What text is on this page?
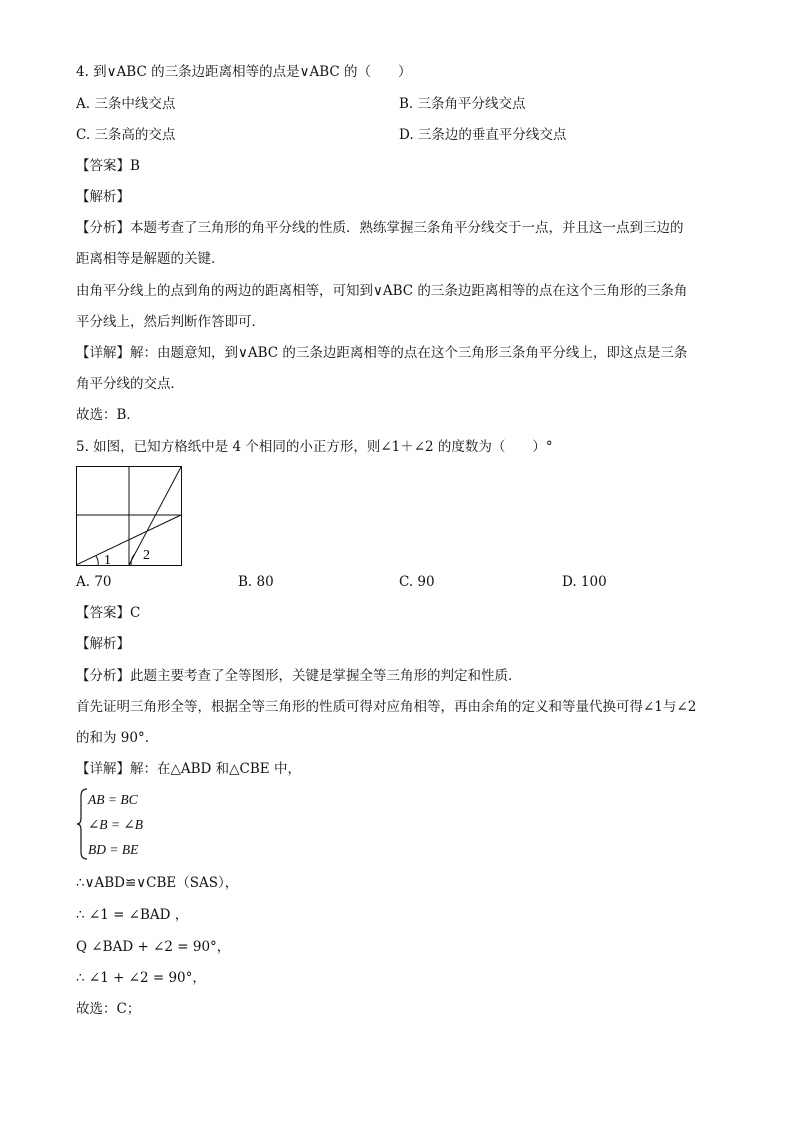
4. 到∨ABC 的三条边距离相等的点是∨ABC 的（　　）
A. 三条中线交点	B. 三条角平分线交点
C. 三条高的交点	D. 三条边的垂直平分线交点
【答案】B
【解析】
【分析】本题考查了三角形的角平分线的性质．熟练掌握三条角平分线交于一点，并且这一点到三边的
距离相等是解题的关键．
由角平分线上的点到角的两边的距离相等，可知到∨ABC 的三条边距离相等的点在这个三角形的三条角
平分线上，然后判断作答即可．
【详解】解：由题意知，到∨ABC 的三条边距离相等的点在这个三角形三条角平分线上，即这点是三条
角平分线的交点．
故选：B．
5. 如图，已知方格纸中是 4 个相同的小正方形，则∠1＋∠2 的度数为（　　）°
1 2
A. 70	B. 80	C. 90	D. 100
【答案】C
【解析】
【分析】此题主要考查了全等图形，关键是掌握全等三角形的判定和性质．
首先证明三角形全等，根据全等三角形的性质可得对应角相等，再由余角的定义和等量代换可得∠1与∠2
的和为 90°.
【详解】解：在△ABD 和△CBE 中，
AB = BC
∠B = ∠B
BD = BE
∴∨ABD≌∨CBE（SAS），
∴ ∠1 = ∠BAD ，
Q ∠BAD + ∠2 = 90°，
∴ ∠1 + ∠2 = 90°，
故选：C；
